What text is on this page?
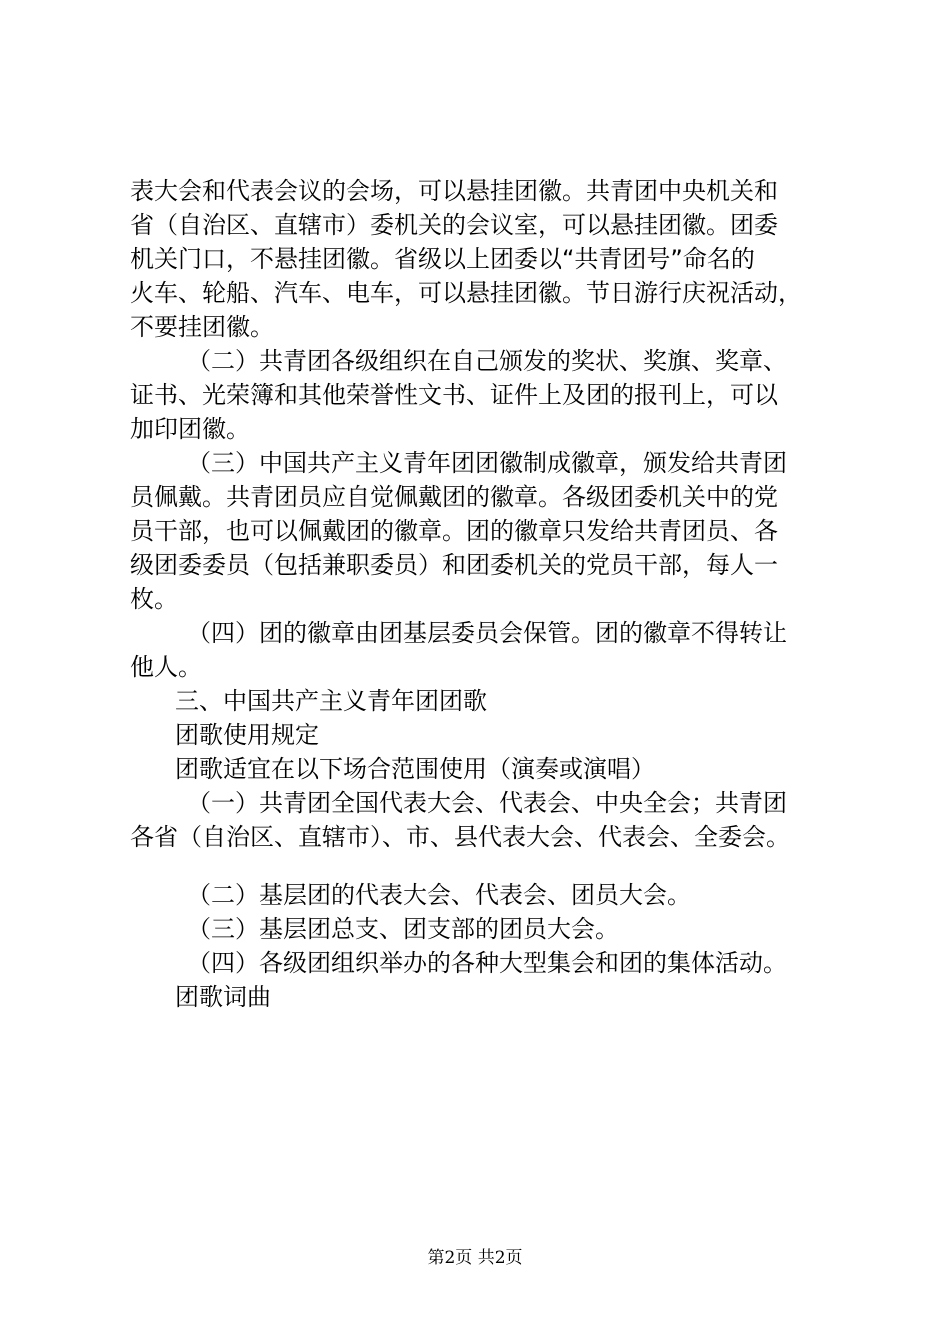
表大会和代表会议的会场，可以悬挂团徽。共青团中央机关和
省（自治区、直辖市）委机关的会议室，可以悬挂团徽。团委
机关门口，不悬挂团徽。省级以上团委以“共青团号”命名的
火车、轮船、汽车、电车，可以悬挂团徽。节日游行庆祝活动，
不要挂团徽。
（二）共青团各级组织在自己颁发的奖状、奖旗、奖章、
证书、光荣簿和其他荣誉性文书、证件上及团的报刊上，可以
加印团徽。
（三）中国共产主义青年团团徽制成徽章，颁发给共青团
员佩戴。共青团员应自觉佩戴团的徽章。各级团委机关中的党
员干部，也可以佩戴团的徽章。团的徽章只发给共青团员、各
级团委委员（包括兼职委员）和团委机关的党员干部，每人一
枚。
（四）团的徽章由团基层委员会保管。团的徽章不得转让
他人。
三、中国共产主义青年团团歌
团歌使用规定
团歌适宜在以下场合范围使用（演奏或演唱）
（一）共青团全国代表大会、代表会、中央全会；共青团
各省（自治区、直辖市）、市、县代表大会、代表会、全委会。
（二）基层团的代表大会、代表会、团员大会。
（三）基层团总支、团支部的团员大会。
（四）各级团组织举办的各种大型集会和团的集体活动。
团歌词曲
第2页 共2页
